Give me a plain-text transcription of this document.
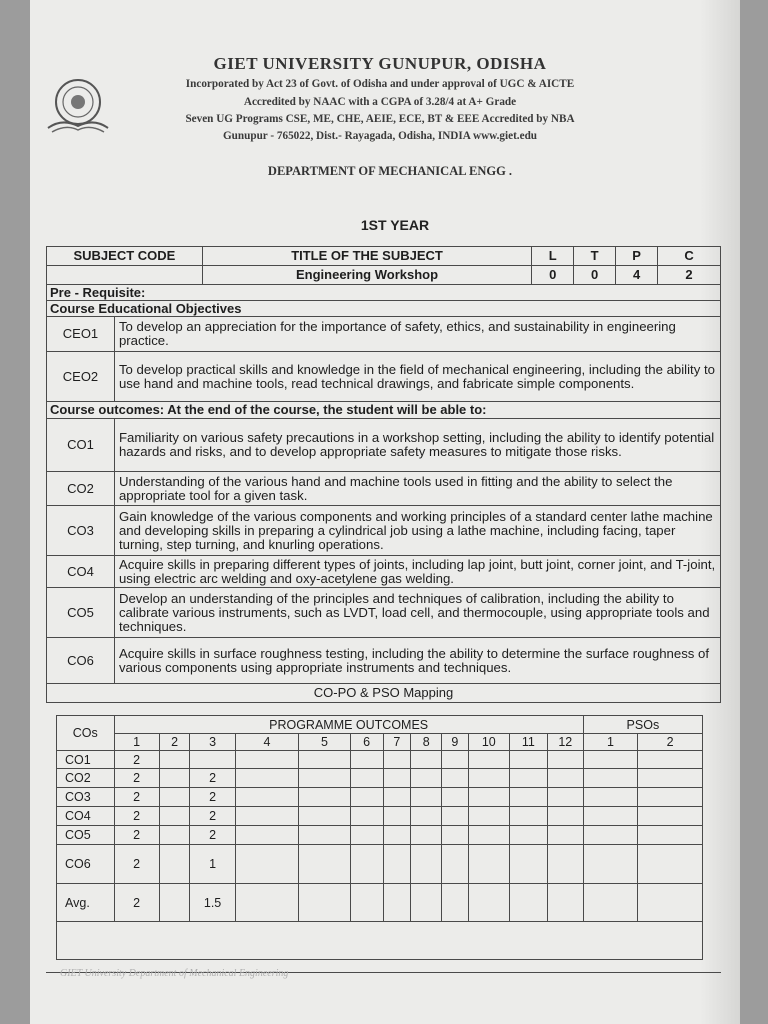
GIET UNIVERSITY GUNUPUR, ODISHA
Incorporated by Act 23 of Govt. of Odisha and under approval of UGC & AICTE
Accredited by NAAC with a CGPA of 3.28/4 at A+ Grade
Seven UG Programs CSE, ME, CHE, AEIE, ECE, BT & EEE Accredited by NBA
Gunupur - 765022, Dist.- Rayagada, Odisha, INDIA www.giet.edu
DEPARTMENT OF MECHANICAL ENGG .
1ST YEAR
SUBJECT CODE		TITLE OF THE SUBJECT	L	T	P	C
		Engineering Workshop	0	0	4	2
Pre - Requisite:						
Course Educational Objectives						
CEO1	To develop an appreciation for the importance of safety, ethics, and sustainability in engineering practice.					
CEO2	To develop practical skills and knowledge in the field of mechanical engineering, including the ability to use hand and machine tools, read technical drawings, and fabricate simple components.					
Course outcomes: At the end of the course, the student will be able to:						
CO1	Familiarity on various safety precautions in a workshop setting, including the ability to identify potential hazards and risks, and to develop appropriate safety measures to mitigate those risks.					
CO2	Understanding of the various hand and machine tools used in fitting and the ability to select the appropriate tool for a given task.					
CO3	Gain knowledge of the various components and working principles of a standard center lathe machine and developing skills in preparing a cylindrical job using a lathe machine, including facing, taper turning, step turning, and knurling operations.					
CO4	Acquire skills in preparing different types of joints, including lap joint, butt joint, corner joint, and T-joint, using electric arc welding and oxy-acetylene gas welding.					
CO5	Develop an understanding of the principles and techniques of calibration, including the ability to calibrate various instruments, such as LVDT, load cell, and thermocouple, using appropriate tools and techniques.					
CO6	Acquire skills in surface roughness testing, including the ability to determine the surface roughness of various components using appropriate instruments and techniques.					
CO-PO & PSO Mapping						
COs	PROGRAMME OUTCOMES												PSOs	
	1	2	3	4	5	6	7	8	9	10	11	12	1	2
CO1	2													
CO2	2		2											
CO3	2		2											
CO4	2		2											
CO5	2		2											
CO6	2		1											
Avg.	2		1.5											

GIET University Department of Mechanical Engineering
